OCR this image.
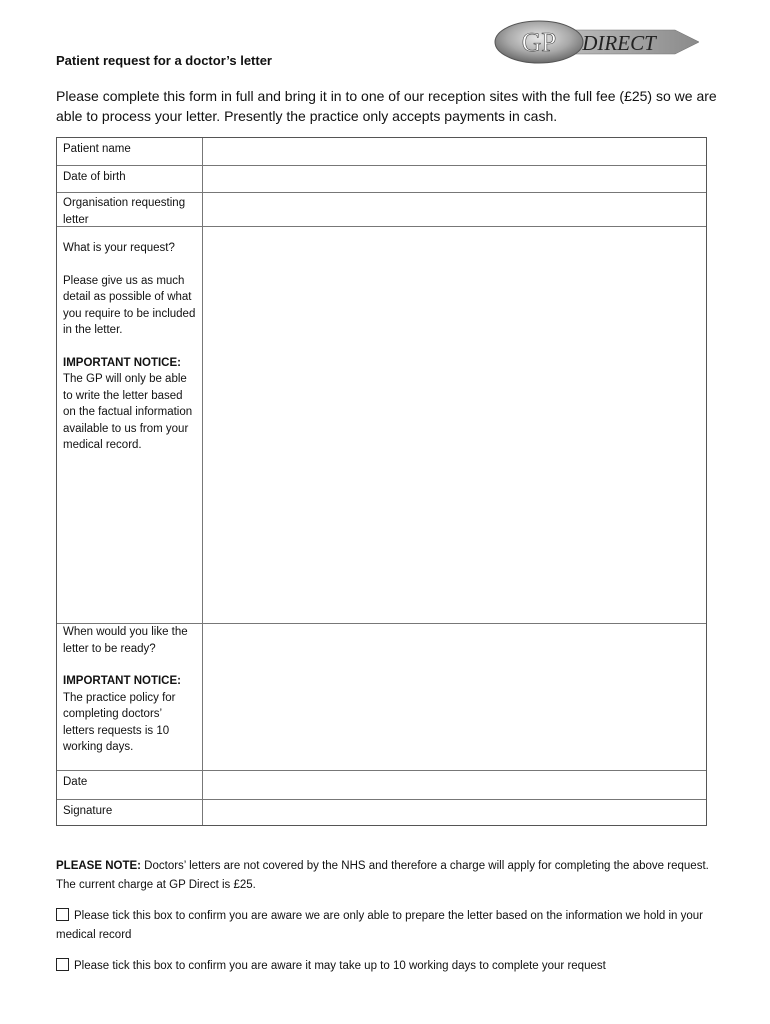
GP DIRECT
Patient request for a doctor’s letter
Please complete this form in full and bring it in to one of our reception sites with the full fee (£25) so we are able to process your letter. Presently the practice only accepts payments in cash.
Patient name
Date of birth
Organisation requesting letter
What is your request?
Please give us as much detail as possible of what you require to be included in the letter.
IMPORTANT NOTICE:
The GP will only be able to write the letter based on the factual information available to us from your medical record.
When would you like the letter to be ready?
IMPORTANT NOTICE:
The practice policy for completing doctors’ letters requests is 10 working days.
Date
Signature
PLEASE NOTE: Doctors’ letters are not covered by the NHS and therefore a charge will apply for completing the above request. The current charge at GP Direct is £25.
Please tick this box to confirm you are aware we are only able to prepare the letter based on the information we hold in your medical record
Please tick this box to confirm you are aware it may take up to 10 working days to complete your request
